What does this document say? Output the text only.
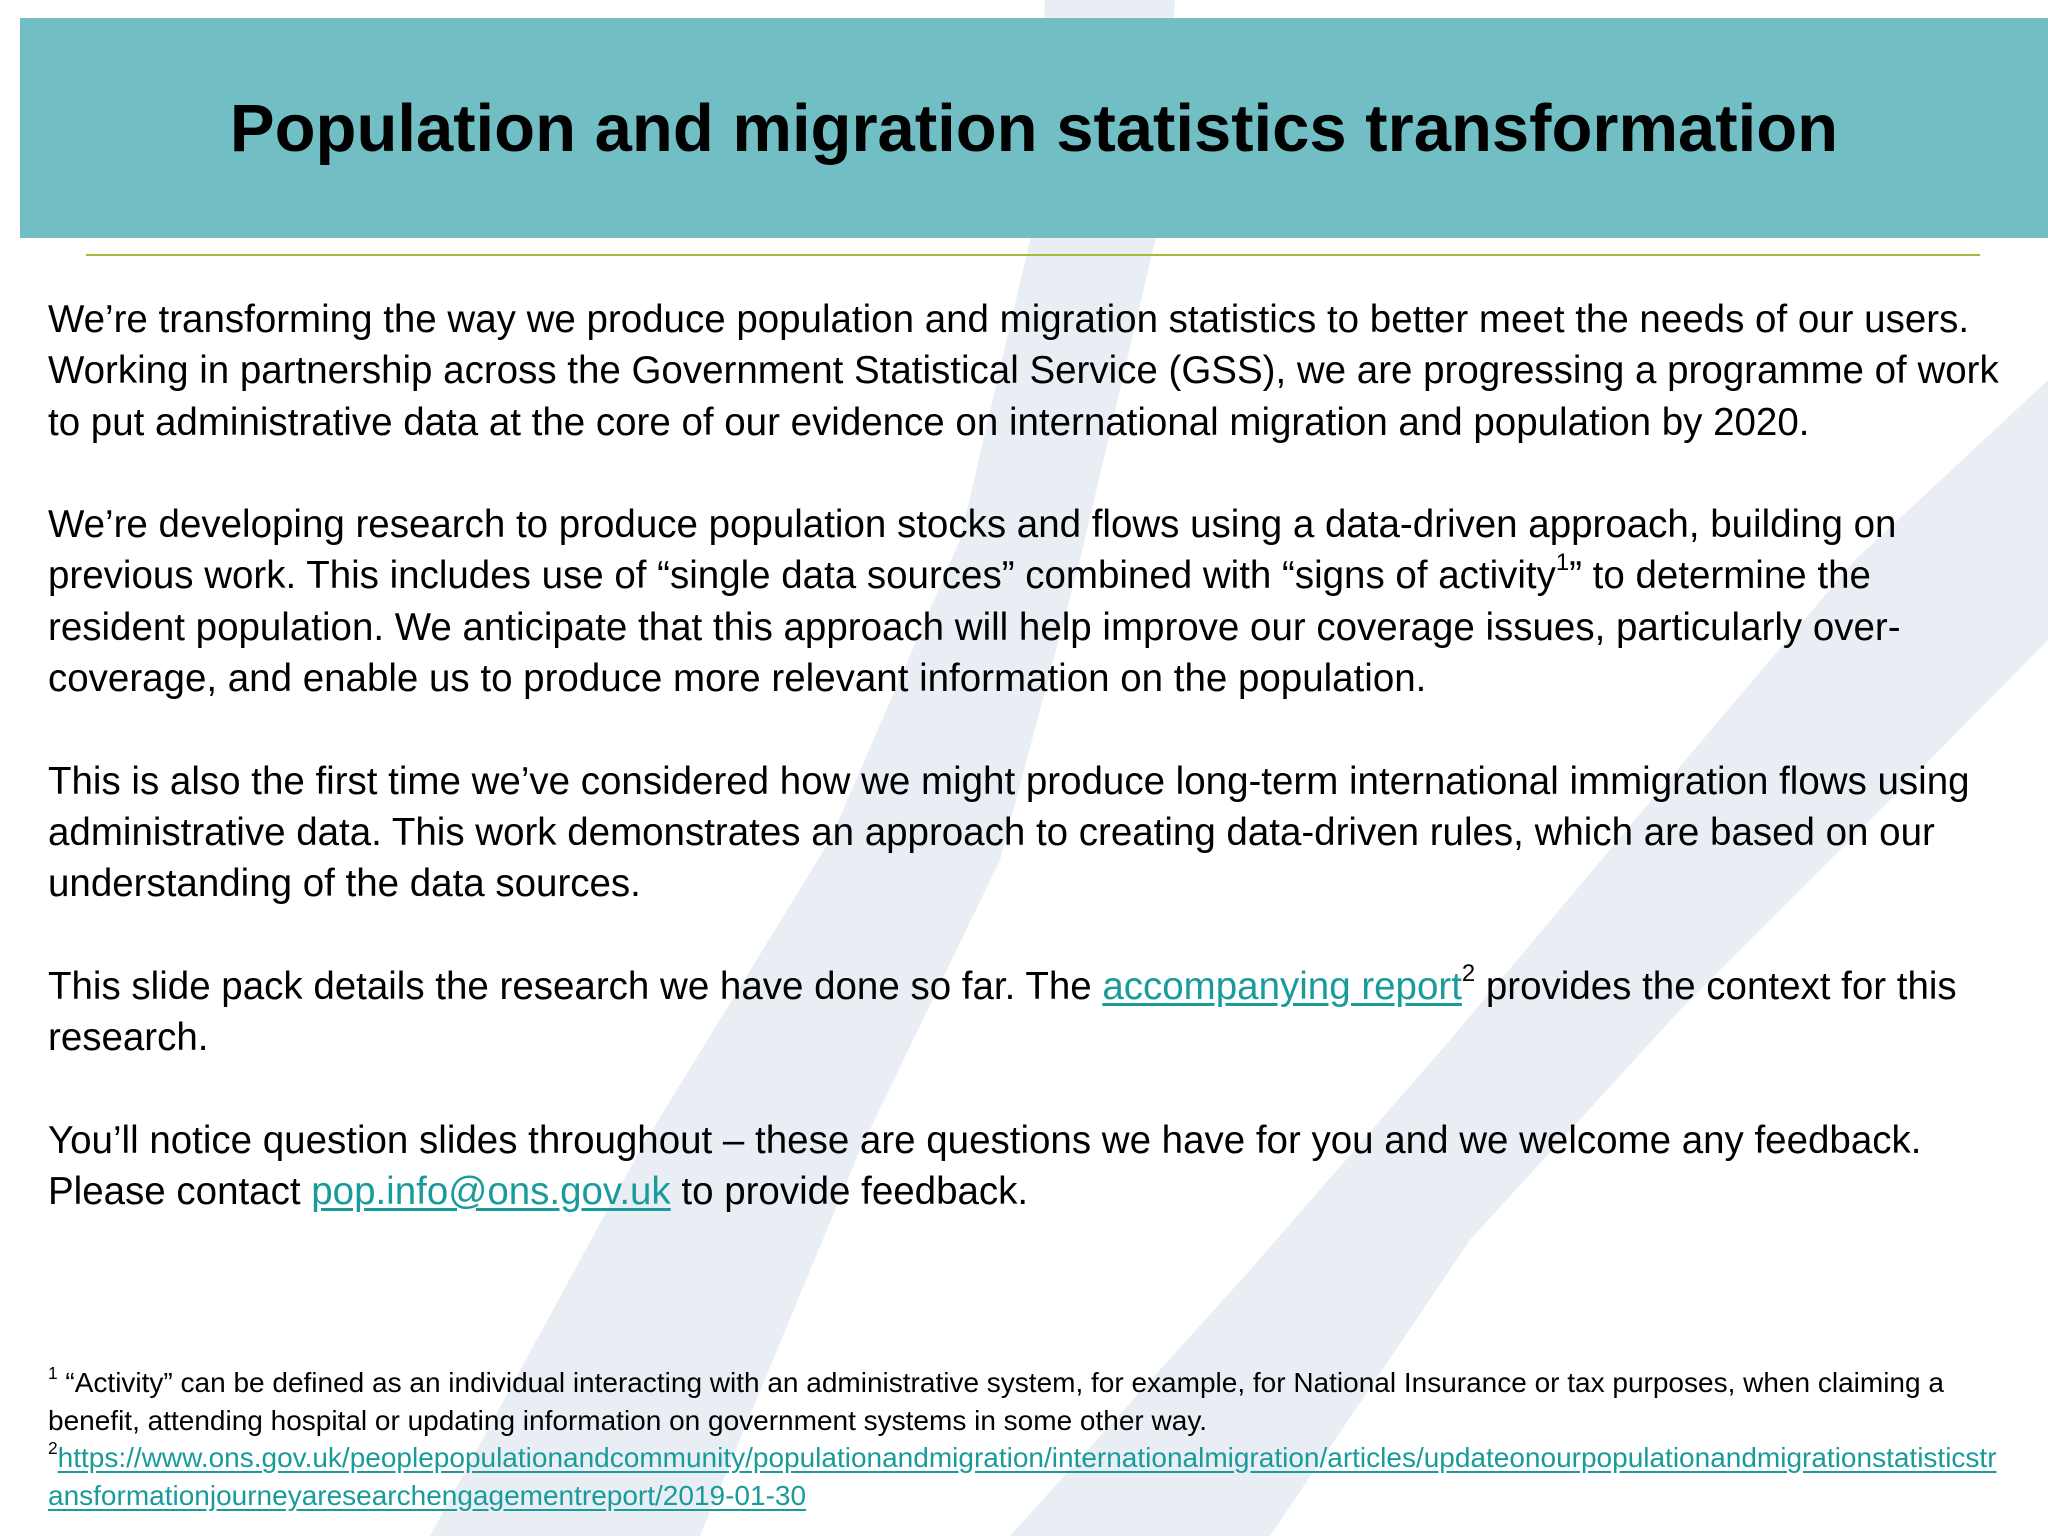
Population and migration statistics transformation

We’re transforming the way we produce population and migration statistics to better meet the needs of our users. Working in partnership across the Government Statistical Service (GSS), we are progressing a programme of work to put administrative data at the core of our evidence on international migration and population by 2020.

We’re developing research to produce population stocks and flows using a data-driven approach, building on previous work. This includes use of “single data sources” combined with “signs of activity$^1$” to determine the resident population. We anticipate that this approach will help improve our coverage issues, particularly over-coverage, and enable us to produce more relevant information on the population.

This is also the first time we’ve considered how we might produce long-term international immigration flows using administrative data. This work demonstrates an approach to creating data-driven rules, which are based on our understanding of the data sources.

This slide pack details the research we have done so far. The accompanying report$^2$ provides the context for this research.

You’ll notice question slides throughout – these are questions we have for you and we welcome any feedback. Please contact pop.info@ons.gov.uk to provide feedback.

$^1$ “Activity” can be defined as an individual interacting with an administrative system, for example, for National Insurance or tax purposes, when claiming a benefit, attending hospital or updating information on government systems in some other way.

$^2$https://www.ons.gov.uk/peoplepopulationandcommunity/populationandmigration/internationalmigration/articles/updateonourpopulationandmigrationstatisticstransformationjourneyaresearchengagementreport/2019-01-30
